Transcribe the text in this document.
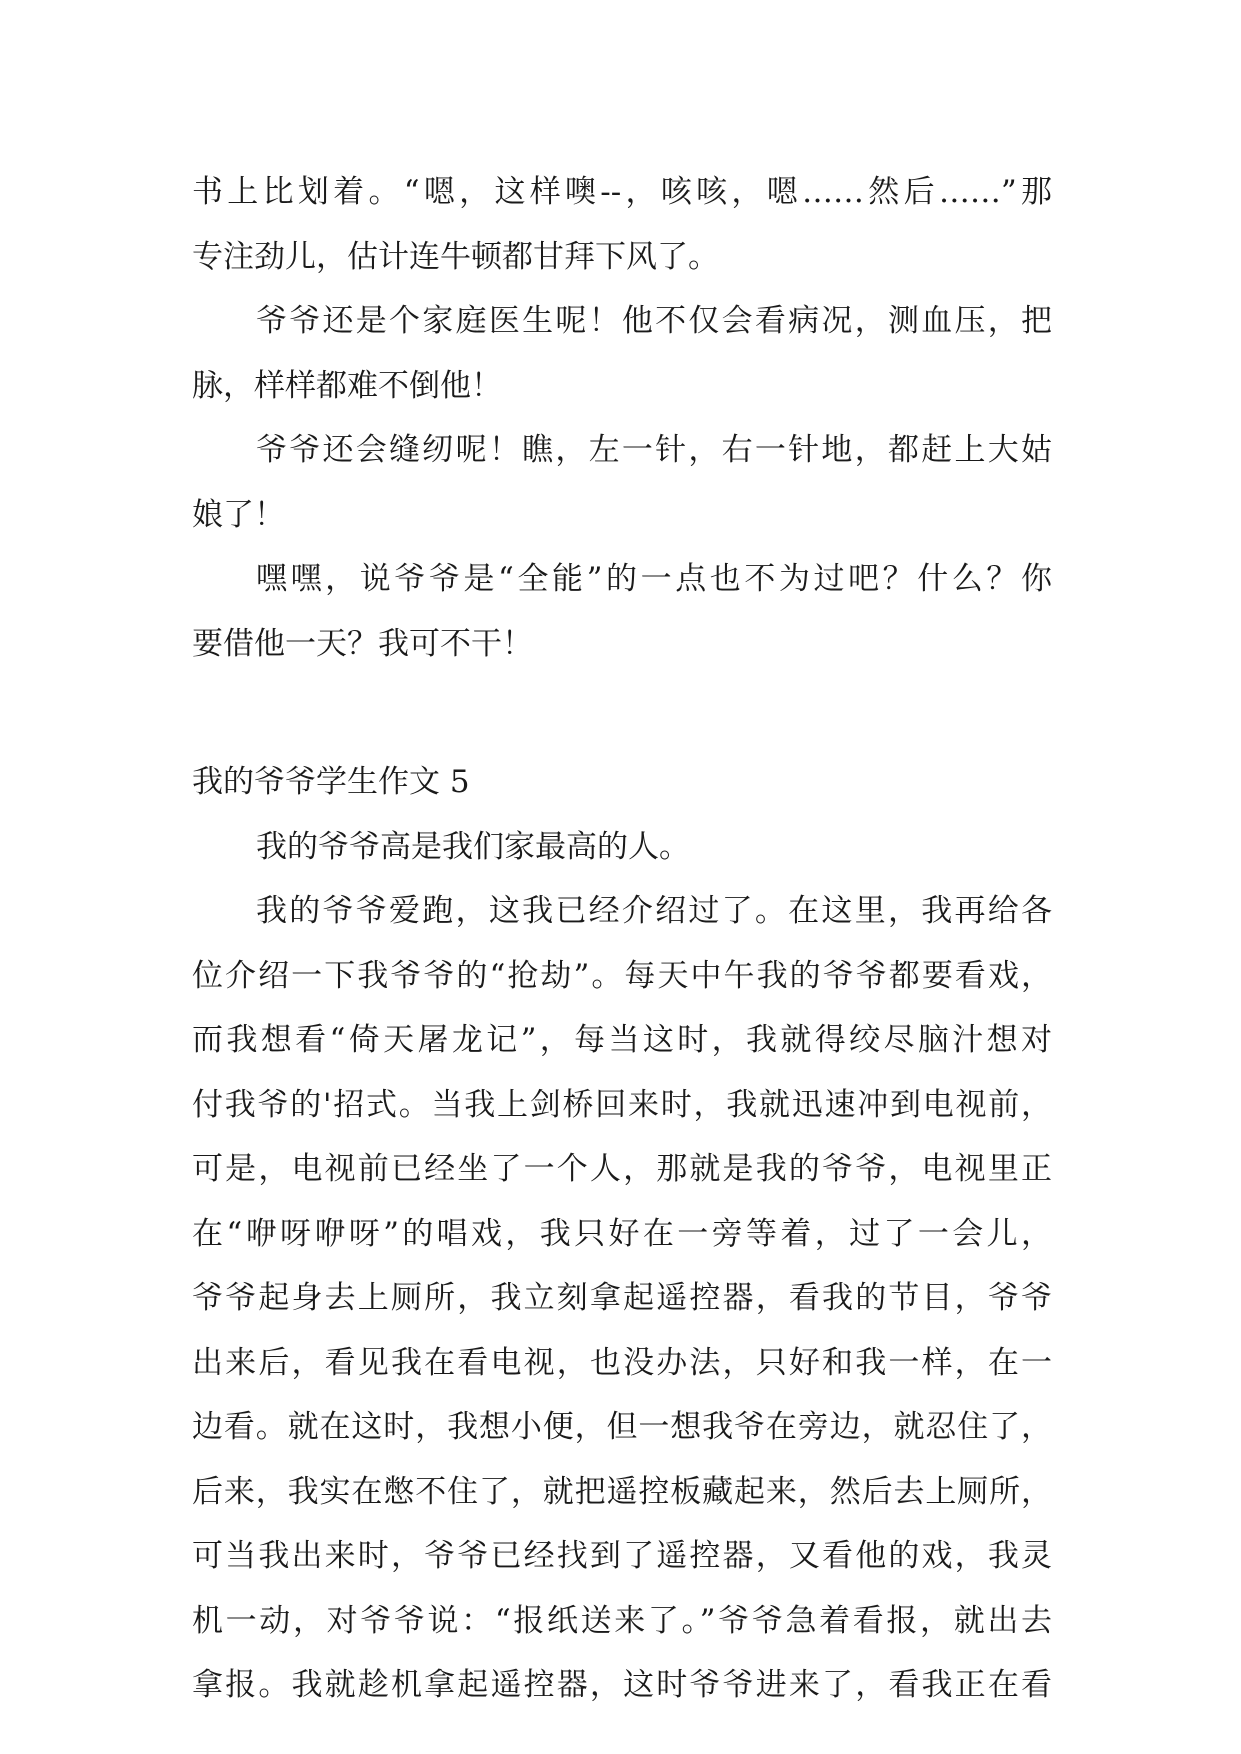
书上比划着。“嗯，这样噢--，咳咳，嗯……然后……”那
专注劲儿，估计连牛顿都甘拜下风了。
爷爷还是个家庭医生呢！他不仅会看病况，测血压，把
脉，样样都难不倒他！
爷爷还会缝纫呢！瞧，左一针，右一针地，都赶上大姑
娘了！
嘿嘿，说爷爷是“全能”的一点也不为过吧？什么？你
要借他一天？我可不干！
我的爷爷学生作文 5
我的爷爷高是我们家最高的人。
我的爷爷爱跑，这我已经介绍过了。在这里，我再给各
位介绍一下我爷爷的“抢劫”。每天中午我的爷爷都要看戏，
而我想看“倚天屠龙记”，每当这时，我就得绞尽脑汁想对
付我爷的'招式。当我上剑桥回来时，我就迅速冲到电视前，
可是，电视前已经坐了一个人，那就是我的爷爷，电视里正
在“咿呀咿呀”的唱戏，我只好在一旁等着，过了一会儿，
爷爷起身去上厕所，我立刻拿起遥控器，看我的节目，爷爷
出来后，看见我在看电视，也没办法，只好和我一样，在一
边看。就在这时，我想小便，但一想我爷在旁边，就忍住了，
后来，我实在憋不住了，就把遥控板藏起来，然后去上厕所，
可当我出来时，爷爷已经找到了遥控器，又看他的戏，我灵
机一动，对爷爷说：“报纸送来了。”爷爷急着看报，就出去
拿报。我就趁机拿起遥控器，这时爷爷进来了，看我正在看
